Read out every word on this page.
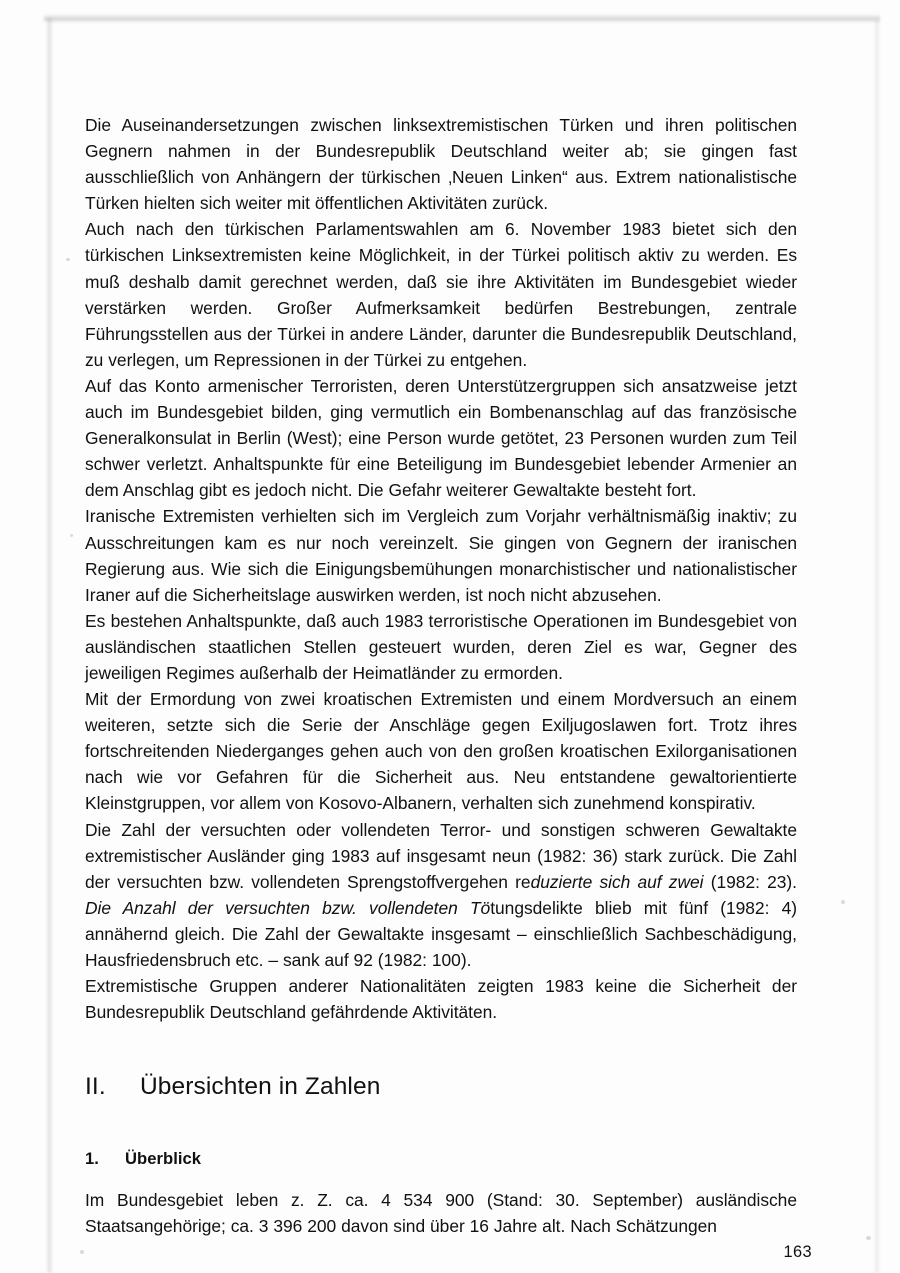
Die Auseinandersetzungen zwischen linksextremistischen Türken und ihren politischen Gegnern nahmen in der Bundesrepublik Deutschland weiter ab; sie gingen fast ausschließlich von Anhängern der türkischen ‚Neuen Linken“ aus. Extrem nationalistische Türken hielten sich weiter mit öffentlichen Aktivitäten zurück.

Auch nach den türkischen Parlamentswahlen am 6. November 1983 bietet sich den türkischen Linksextremisten keine Möglichkeit, in der Türkei politisch aktiv zu werden. Es muß deshalb damit gerechnet werden, daß sie ihre Aktivitäten im Bundesgebiet wieder verstärken werden. Großer Aufmerksamkeit bedürfen Bestrebungen, zentrale Führungsstellen aus der Türkei in andere Länder, darunter die Bundesrepublik Deutschland, zu verlegen, um Repressionen in der Türkei zu entgehen.

Auf das Konto armenischer Terroristen, deren Unterstützergruppen sich ansatzweise jetzt auch im Bundesgebiet bilden, ging vermutlich ein Bombenanschlag auf das französische Generalkonsulat in Berlin (West); eine Person wurde getötet, 23 Personen wurden zum Teil schwer verletzt. Anhaltspunkte für eine Beteiligung im Bundesgebiet lebender Armenier an dem Anschlag gibt es jedoch nicht. Die Gefahr weiterer Gewaltakte besteht fort.

Iranische Extremisten verhielten sich im Vergleich zum Vorjahr verhältnismäßig inaktiv; zu Ausschreitungen kam es nur noch vereinzelt. Sie gingen von Gegnern der iranischen Regierung aus. Wie sich die Einigungsbemühungen monarchistischer und nationalistischer Iraner auf die Sicherheitslage auswirken werden, ist noch nicht abzusehen.

Es bestehen Anhaltspunkte, daß auch 1983 terroristische Operationen im Bundesgebiet von ausländischen staatlichen Stellen gesteuert wurden, deren Ziel es war, Gegner des jeweiligen Regimes außerhalb der Heimatländer zu ermorden.

Mit der Ermordung von zwei kroatischen Extremisten und einem Mordversuch an einem weiteren, setzte sich die Serie der Anschläge gegen Exiljugoslawen fort. Trotz ihres fortschreitenden Niederganges gehen auch von den großen kroatischen Exilorganisationen nach wie vor Gefahren für die Sicherheit aus. Neu entstandene gewaltorientierte Kleinstgruppen, vor allem von Kosovo-Albanern, verhalten sich zunehmend konspirativ.

Die Zahl der versuchten oder vollendeten Terror- und sonstigen schweren Gewaltakte extremistischer Ausländer ging 1983 auf insgesamt neun (1982: 36) stark zurück. Die Zahl der versuchten bzw. vollendeten Sprengstoffvergehen reduzierte sich auf zwei (1982: 23). Die Anzahl der versuchten bzw. vollendeten Tötungsdelikte blieb mit fünf (1982: 4) annähernd gleich. Die Zahl der Gewaltakte insgesamt – einschließlich Sachbeschädigung, Hausfriedensbruch etc. – sank auf 92 (1982: 100).

Extremistische Gruppen anderer Nationalitäten zeigten 1983 keine die Sicherheit der Bundesrepublik Deutschland gefährdende Aktivitäten.

II.	Übersichten in Zahlen
1.	Überblick

Im Bundesgebiet leben z. Z. ca. 4 534 900 (Stand: 30. September) ausländische Staatsangehörige; ca. 3 396 200 davon sind über 16 Jahre alt. Nach Schätzungen

163
